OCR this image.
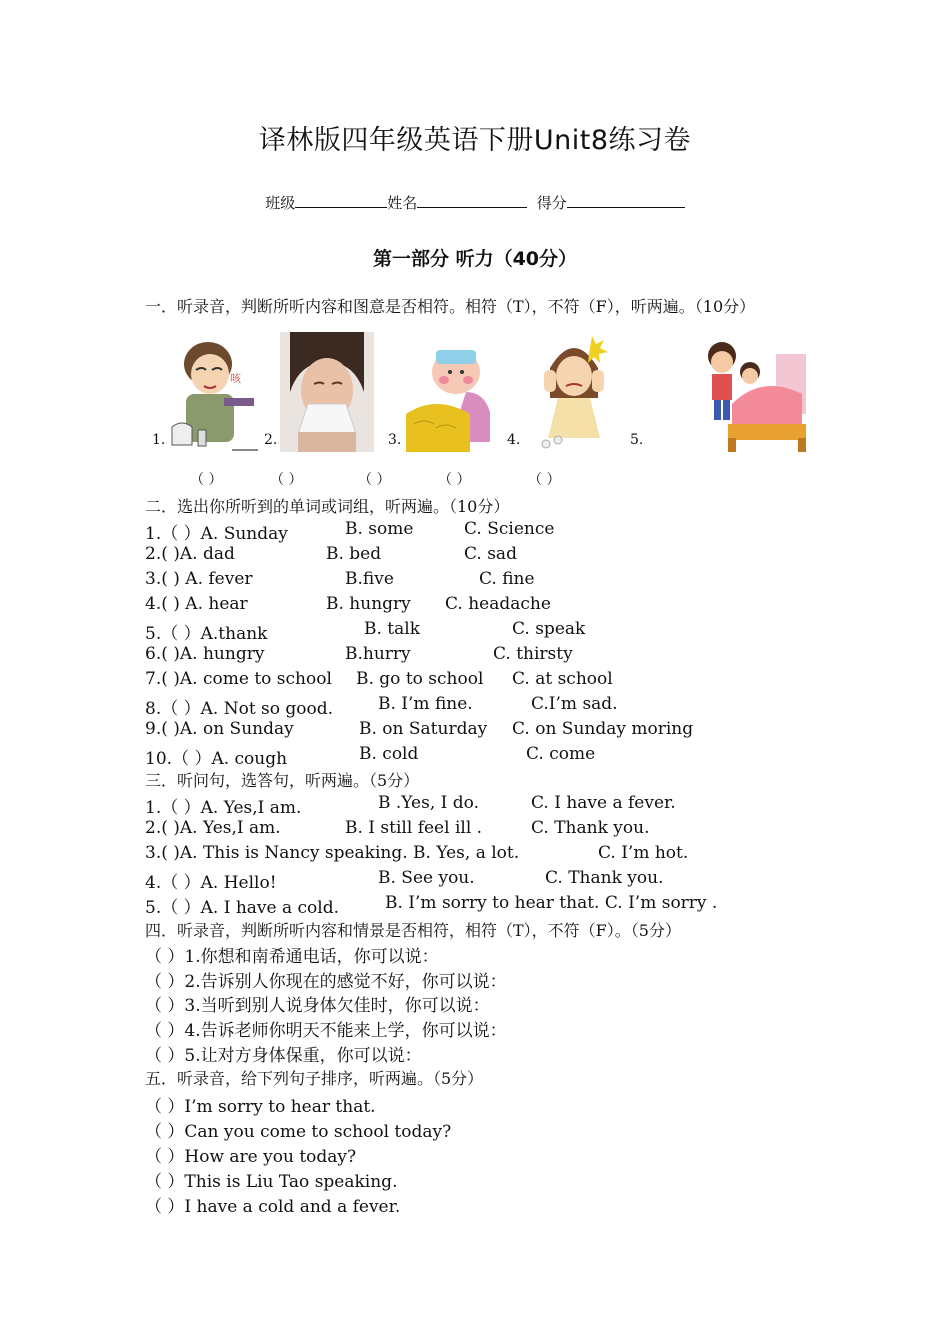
译林版四年级英语下册Unit8练习卷
班级	姓名	得分
第一部分 听力（40分）
一．听录音，判断所听内容和图意是否相符。相符（T），不符（F），听两遍。（10分）
1.
咳
2.	3.	4.	5.
（ ）	（ ）	（ ）	（ ）	（ ）
二．选出你所听到的单词或词组，听两遍。（10分）
1.（ ）A. Sunday	B. some	C. Science
2.( )A. dad	B. bed	C. sad
3.( ) A. fever	B.five	C. fine
4.( ) A. hear	B. hungry C. headache
5.（ ）A.thank	B. talk	C. speak
6.( )A. hungry	B.hurry	C. thirsty
7.( )A. come to school B. go to school C. at school
8.（ ）A. Not so good.	B. I’m fine.	C.I’m sad.
9.( )A. on Sunday	B. on Saturday C. on Sunday moring
10.（ ）A. cough	B. cold	C. come
三．听问句，选答句，听两遍。（5分）
1.（ ）A. Yes,I am.	B .Yes, I do.	C. I have a fever.
2.( )A. Yes,I am.	B. I still feel ill .	C. Thank you.
3.( )A. This is Nancy speaking. B. Yes, a lot.	C. I’m hot.
4.（ ）A. Hello!	B. See you.	C. Thank you.
5.（ ）A. I have a cold.	B. I’m sorry to hear that. C. I’m sorry .
四．听录音，判断所听内容和情景是否相符，相符（T），不符（F）。（5分）
（ ）1.你想和南希通电话，你可以说：
（ ）2.告诉别人你现在的感觉不好，你可以说：
（ ）3.当听到别人说身体欠佳时，你可以说：
（ ）4.告诉老师你明天不能来上学，你可以说：
（ ）5.让对方身体保重，你可以说：
五．听录音，给下列句子排序，听两遍。（5分）
（ ）I’m sorry to hear that.
（ ）Can you come to school today?
（ ）How are you today?
（ ）This is Liu Tao speaking.
（ ）I have a cold and a fever.
